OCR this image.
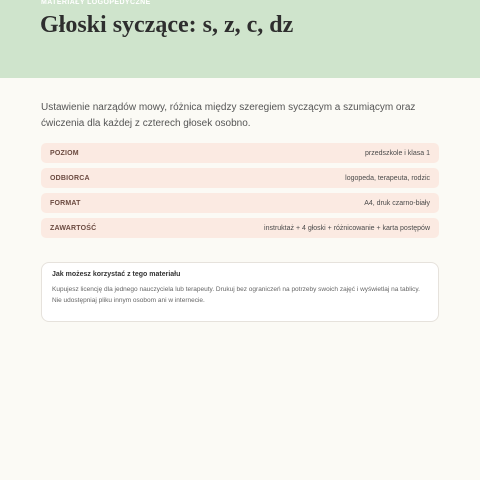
MATERIAŁY LOGOPEDYCZNE
Głoski syczące: s, z, c, dz

Ustawienie narządów mowy, różnica między szeregiem syczącym a szumiącym oraz ćwiczenia dla każdej z czterech głosek osobno.

POZIOM	przedszkole i klasa 1
ODBIORCA	logopeda, terapeuta, rodzic
FORMAT	A4, druk czarno-biały
ZAWARTOŚĆ	instruktaż + 4 głoski + różnicowanie + karta postępów
Jak możesz korzystać z tego materiału

Kupujesz licencję dla jednego nauczyciela lub terapeuty. Drukuj bez ograniczeń na potrzeby swoich zajęć i wyświetlaj na tablicy. Nie udostępniaj pliku innym osobom ani w internecie.
